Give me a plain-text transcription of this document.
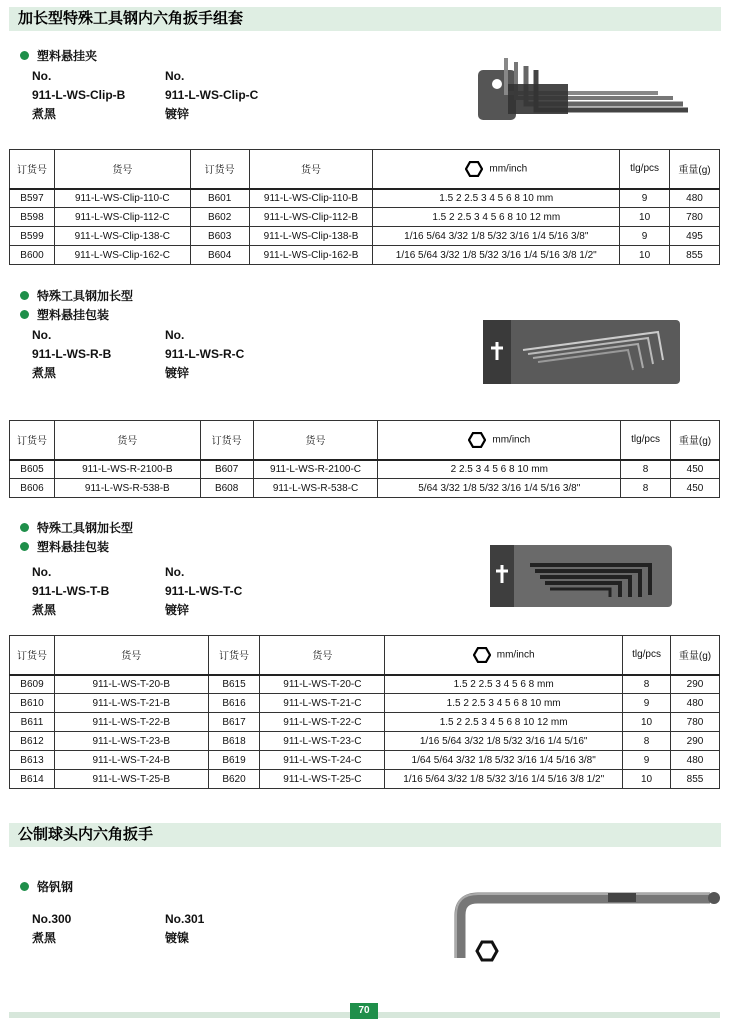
加长型特殊工具钢内六角扳手组套
塑料悬挂夹
No.
911-L-WS-Clip-B
煮黑
No.
911-L-WS-Clip-C
镀锌
订货号	货号	订货号	货号	mm/inch	tlg/pcs	重量(g)
B597	911-L-WS-Clip-110-C	B601	911-L-WS-Clip-110-B	1.5 2 2.5 3 4 5 6 8 10 mm	9	480
B598	911-L-WS-Clip-112-C	B602	911-L-WS-Clip-112-B	1.5 2 2.5 3 4 5 6 8 10 12 mm	10	780
B599	911-L-WS-Clip-138-C	B603	911-L-WS-Clip-138-B	1/16 5/64 3/32 1/8 5/32 3/16 1/4 5/16 3/8"	9	495
B600	911-L-WS-Clip-162-C	B604	911-L-WS-Clip-162-B	1/16 5/64 3/32 1/8 5/32 3/16 1/4 5/16 3/8 1/2"	10	855
特殊工具钢加长型
塑料悬挂包装
No.
911-L-WS-R-B
煮黑
No.
911-L-WS-R-C
镀锌
订货号	货号	订货号	货号	mm/inch	tlg/pcs	重量(g)
B605	911-L-WS-R-2100-B	B607	911-L-WS-R-2100-C	2 2.5 3 4 5 6 8 10 mm	8	450
B606	911-L-WS-R-538-B	B608	911-L-WS-R-538-C	5/64 3/32 1/8 5/32 3/16 1/4 5/16 3/8"	8	450
特殊工具钢加长型
塑料悬挂包装
No.
911-L-WS-T-B
煮黑
No.
911-L-WS-T-C
镀锌
订货号	货号	订货号	货号	mm/inch	tlg/pcs	重量(g)
B609	911-L-WS-T-20-B	B615	911-L-WS-T-20-C	1.5 2 2.5 3 4 5 6 8 mm	8	290
B610	911-L-WS-T-21-B	B616	911-L-WS-T-21-C	1.5 2 2.5 3 4 5 6 8 10 mm	9	480
B611	911-L-WS-T-22-B	B617	911-L-WS-T-22-C	1.5 2 2.5 3 4 5 6 8 10 12 mm	10	780
B612	911-L-WS-T-23-B	B618	911-L-WS-T-23-C	1/16 5/64 3/32 1/8 5/32 3/16 1/4 5/16"	8	290
B613	911-L-WS-T-24-B	B619	911-L-WS-T-24-C	1/64 5/64 3/32 1/8 5/32 3/16 1/4 5/16 3/8"	9	480
B614	911-L-WS-T-25-B	B620	911-L-WS-T-25-C	1/16 5/64 3/32 1/8 5/32 3/16 1/4 5/16 3/8 1/2"	10	855
公制球头内六角扳手
铬钒钢
No.300
煮黑
No.301
镀镍
70
